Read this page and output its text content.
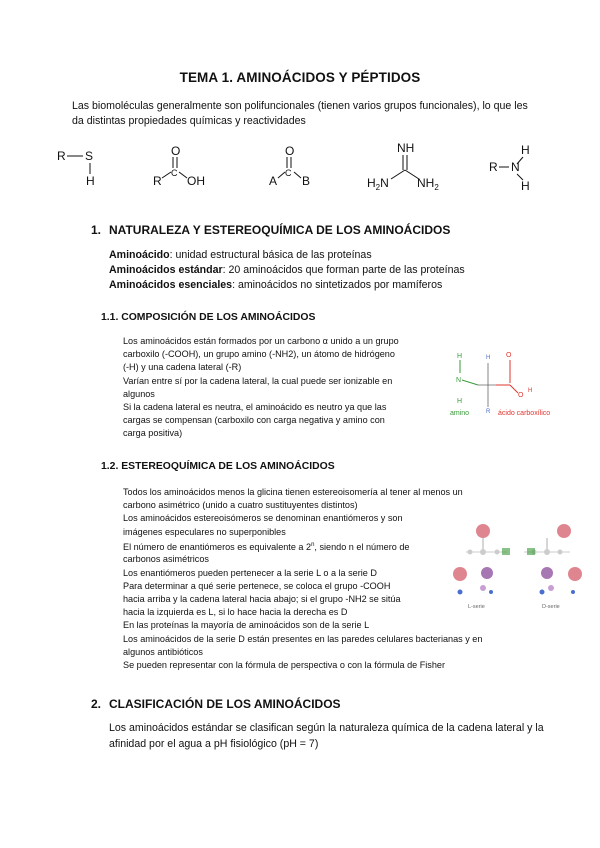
TEMA 1. AMINOÁCIDOS Y PÉPTIDOS
Las biomoléculas generalmente son polifuncionales (tienen varios grupos funcionales), lo que les da distintas propiedades químicas y reactividades
R S
H
O
R
C
OH
O
A
C
B
NH
$H_2N$ $NH_2$
H
R N
H
1. NATURALEZA Y ESTEREOQUÍMICA DE LOS AMINOÁCIDOS
Aminoácido: unidad estructural básica de las proteínas
Aminoácidos estándar: 20 aminoácidos que forman parte de las proteínas
Aminoácidos esenciales: aminoácidos no sintetizados por mamíferos
1.1. COMPOSICIÓN DE LOS AMINOÁCIDOS
Los aminoácidos están formados por un carbono α unido a un grupo
carboxilo (-COOH), un grupo amino (-NH2), un átomo de hidrógeno
(-H) y una cadena lateral (-R)
Varían entre sí por la cadena lateral, la cual puede ser ionizable en
algunos
Si la cadena lateral es neutra, el aminoácido es neutro ya que las
cargas se compensan (carboxilo con carga negativa y amino con
carga positiva)
H
N
H
H
R
O
O
H
amino	ácido carboxílico
1.2. ESTEREOQUÍMICA DE LOS AMINOÁCIDOS
Todos los aminoácidos menos la glicina tienen estereoisomería al tener al menos un
carbono asimétrico (unido a cuatro sustituyentes distintos)
Los aminoácidos estereoisómeros se denominan enantiómeros y son
imágenes especulares no superponibles
El número de enantiómeros es equivalente a 2$^n$, siendo n el número de
carbonos asimétricos
Los enantiómeros pueden pertenecer a la serie L o a la serie D
Para determinar a qué serie pertenece, se coloca el grupo -COOH
hacia arriba y la cadena lateral hacia abajo; si el grupo -NH2 se sitúa
hacia la izquierda es L, si lo hace hacia la derecha es D
En las proteínas la mayoría de aminoácidos son de la serie L
Los aminoácidos de la serie D están presentes en las paredes celulares bacterianas y en
algunos antibióticos
Se pueden representar con la fórmula de perspectiva o con la fórmula de Fisher
L-serie	D-serie
2. CLASIFICACIÓN DE LOS AMINOÁCIDOS
Los aminoácidos estándar se clasifican según la naturaleza química de la cadena lateral y la afinidad por el agua a pH fisiológico (pH = 7)
